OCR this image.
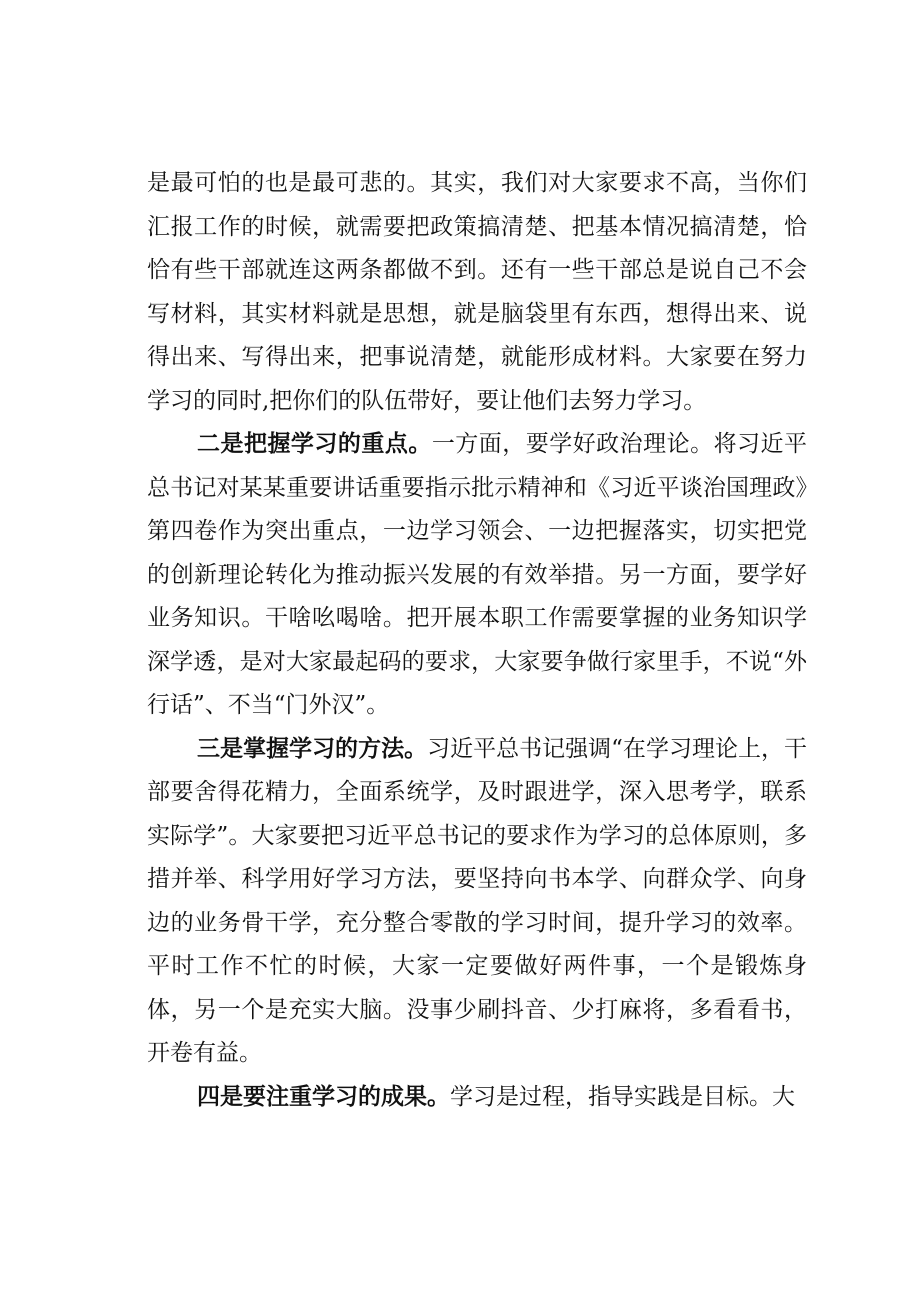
是最可怕的也是最可悲的。其实，我们对大家要求不高，当你们汇报工作的时候，就需要把政策搞清楚、把基本情况搞清楚，恰恰有些干部就连这两条都做不到。还有一些干部总是说自己不会写材料，其实材料就是思想，就是脑袋里有东西，想得出来、说得出来、写得出来，把事说清楚，就能形成材料。大家要在努力学习的同时,把你们的队伍带好，要让他们去努力学习。

二是把握学习的重点。一方面，要学好政治理论。将习近平总书记对某某重要讲话重要指示批示精神和《习近平谈治国理政》第四卷作为突出重点，一边学习领会、一边把握落实，切实把党的创新理论转化为推动振兴发展的有效举措。另一方面，要学好业务知识。干啥吆喝啥。把开展本职工作需要掌握的业务知识学深学透，是对大家最起码的要求，大家要争做行家里手，不说“外行话”、不当“门外汉”。

三是掌握学习的方法。习近平总书记强调“在学习理论上，干部要舍得花精力，全面系统学，及时跟进学，深入思考学，联系实际学”。大家要把习近平总书记的要求作为学习的总体原则，多措并举、科学用好学习方法，要坚持向书本学、向群众学、向身边的业务骨干学，充分整合零散的学习时间，提升学习的效率。平时工作不忙的时候，大家一定要做好两件事，一个是锻炼身体，另一个是充实大脑。没事少刷抖音、少打麻将，多看看书，开卷有益。

四是要注重学习的成果。学习是过程，指导实践是目标。大
